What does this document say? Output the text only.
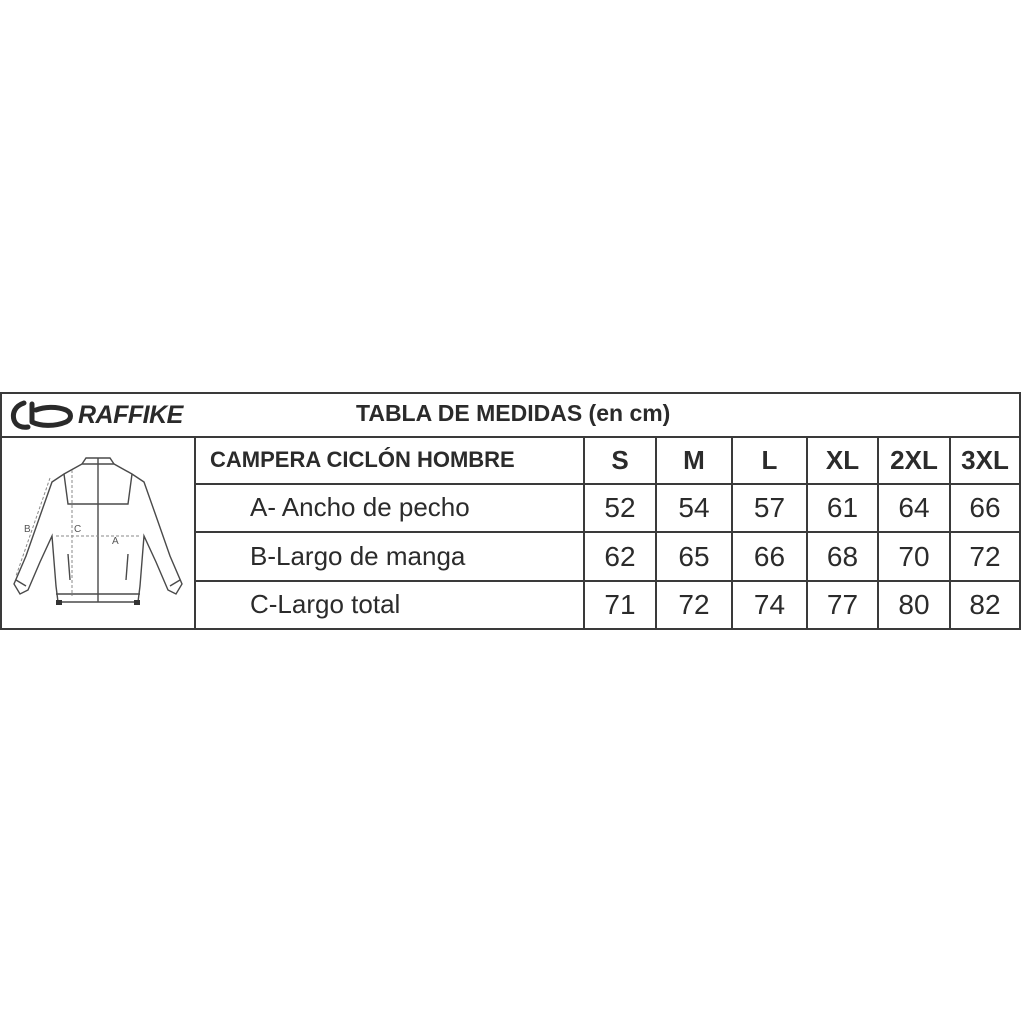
RAFFIKE	TABLA DE MEDIDAS (en cm)
A
B	C
CAMPERA CICLÓN HOMBRE	S	M	L	XL	2XL	3XL
A- Ancho de pecho	52	54	57	61	64	66
B-Largo de manga	62	65	66	68	70	72
C-Largo total	71	72	74	77	80	82
